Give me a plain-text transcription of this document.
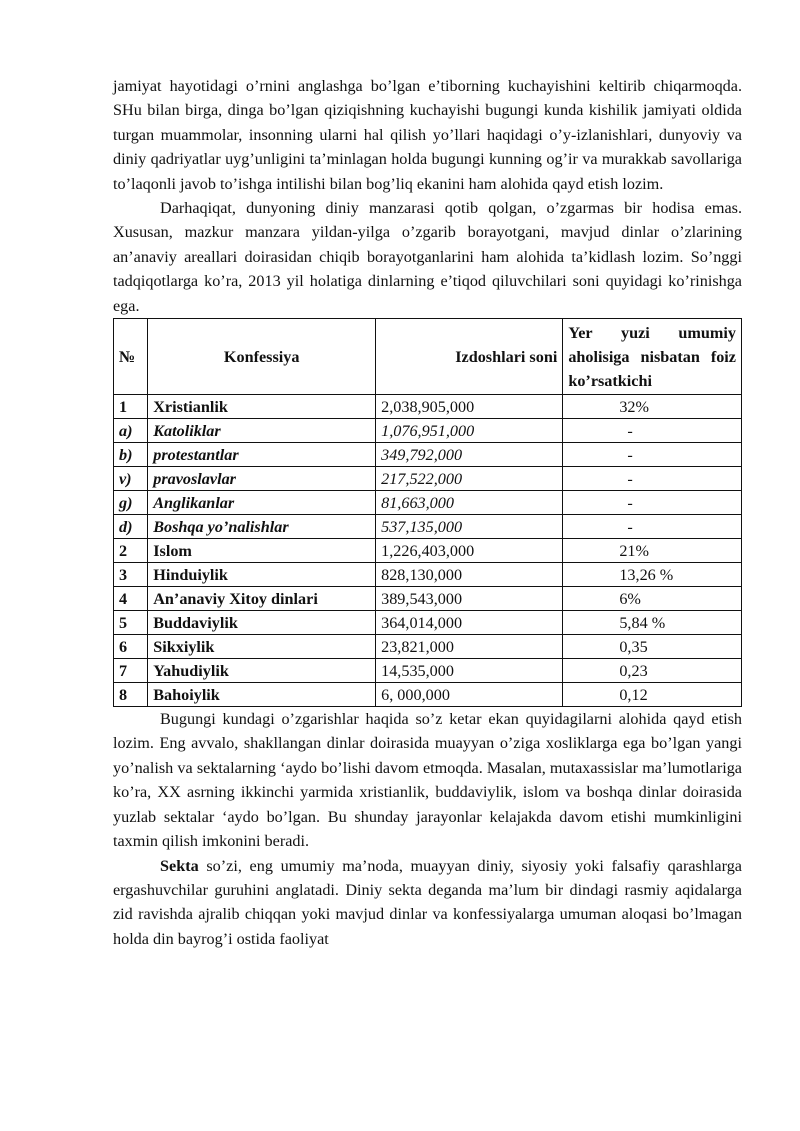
jamiyat hayotidagi o’rnini anglashga bo’lgan e’tiborning kuchayishini keltirib chiqarmoqda. SHu bilan birga, dinga bo’lgan qiziqishning kuchayishi bugungi kunda kishilik jamiyati oldida turgan muammolar, insonning ularni hal qilish yo’llari haqidagi o’y-izlanishlari, dunyoviy va diniy qadriyatlar uyg’unligini ta’minlagan holda bugungi kunning og’ir va murakkab savollariga to’laqonli javob to’ishga intilishi bilan bog’liq ekanini ham alohida qayd etish lozim.

Darhaqiqat, dunyoning diniy manzarasi qotib qolgan, o’zgarmas bir hodisa emas. Xususan, mazkur manzara yildan-yilga o’zgarib borayotgani, mavjud dinlar o’zlarining an’anaviy areallari doirasidan chiqib borayotganlarini ham alohida ta’kidlash lozim. So’nggi tadqiqotlarga ko’ra, 2013 yil holatiga dinlarning e’tiqod qiluvchilari soni quyidagi ko’rinishga ega.

№	Konfessiya	Izdoshlari soni	Yer yuzi umumiy aholisiga nisbatan foiz ko’rsatkichi
1	Xristianlik	2,038,905,000	32%
a)	Katoliklar	1,076,951,000	-
b)	protestantlar	349,792,000	-
v)	pravoslavlar	217,522,000	-
g)	Anglikanlar	81,663,000	-
d)	Boshqa yo’nalishlar	537,135,000	-
2	Islom	1,226,403,000	21%
3	Hinduiylik	828,130,000	13,26 %
4	An’anaviy Xitoy dinlari	389,543,000	6%
5	Buddaviylik	364,014,000	5,84 %
6	Sikxiylik	23,821,000	0,35
7	Yahudiylik	14,535,000	0,23
8	Bahoiylik	6, 000,000	0,12

Bugungi kundagi o’zgarishlar haqida so’z ketar ekan quyidagilarni alohida qayd etish lozim. Eng avvalo, shakllangan dinlar doirasida muayyan o’ziga xosliklarga ega bo’lgan yangi yo’nalish va sektalarning ‘aydo bo’lishi davom etmoqda. Masalan, mutaxassislar ma’lumotlariga ko’ra, XX asrning ikkinchi yarmida xristianlik, buddaviylik, islom va boshqa dinlar doirasida yuzlab sektalar ‘aydo bo’lgan. Bu shunday jarayonlar kelajakda davom etishi mumkinligini taxmin qilish imkonini beradi.

Sekta so’zi, eng umumiy ma’noda, muayyan diniy, siyosiy yoki falsafiy qarashlarga ergashuvchilar guruhini anglatadi. Diniy sekta deganda ma’lum bir dindagi rasmiy aqidalarga zid ravishda ajralib chiqqan yoki mavjud dinlar va konfessiyalarga umuman aloqasi bo’lmagan holda din bayrog’i ostida faoliyat
